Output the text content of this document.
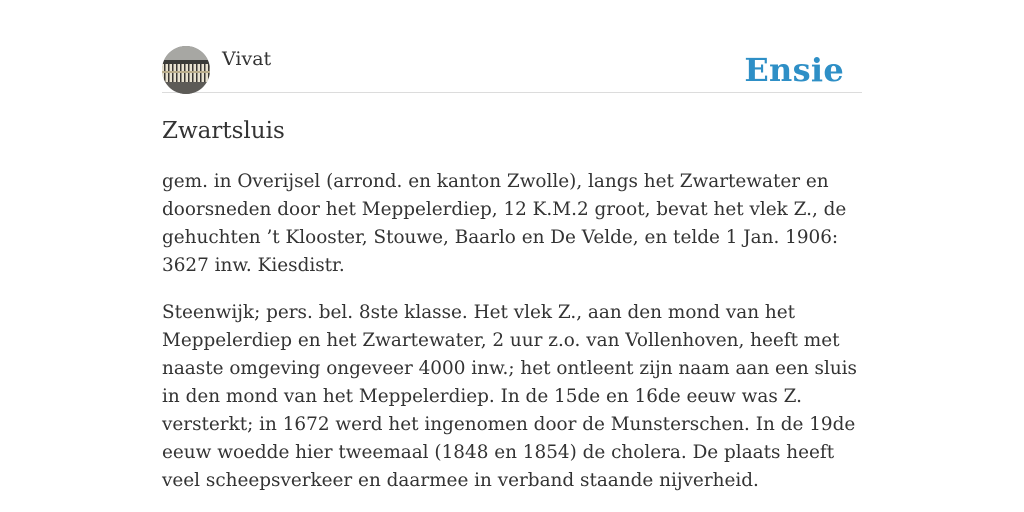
Vivat	Ensie
Zwartsluis

gem. in Overijsel (arrond. en kanton Zwolle), langs het Zwartewater en doorsneden door het Meppelerdiep, 12 K.M.2 groot, bevat het vlek Z., de gehuchten ’t Klooster, Stouwe, Baarlo en De Velde, en telde 1 Jan. 1906: 3627 inw. Kiesdistr.

Steenwijk; pers. bel. 8ste klasse. Het vlek Z., aan den mond van het Meppelerdiep en het Zwartewater, 2 uur z.o. van Vollenhoven, heeft met naaste omgeving ongeveer 4000 inw.; het ontleent zijn naam aan een sluis in den mond van het Meppelerdiep. In de 15de en 16de eeuw was Z. versterkt; in 1672 werd het ingenomen door de Munsterschen. In de 19de eeuw woedde hier tweemaal (1848 en 1854) de cholera. De plaats heeft veel scheepsverkeer en daarmee in verband staande nijverheid.
